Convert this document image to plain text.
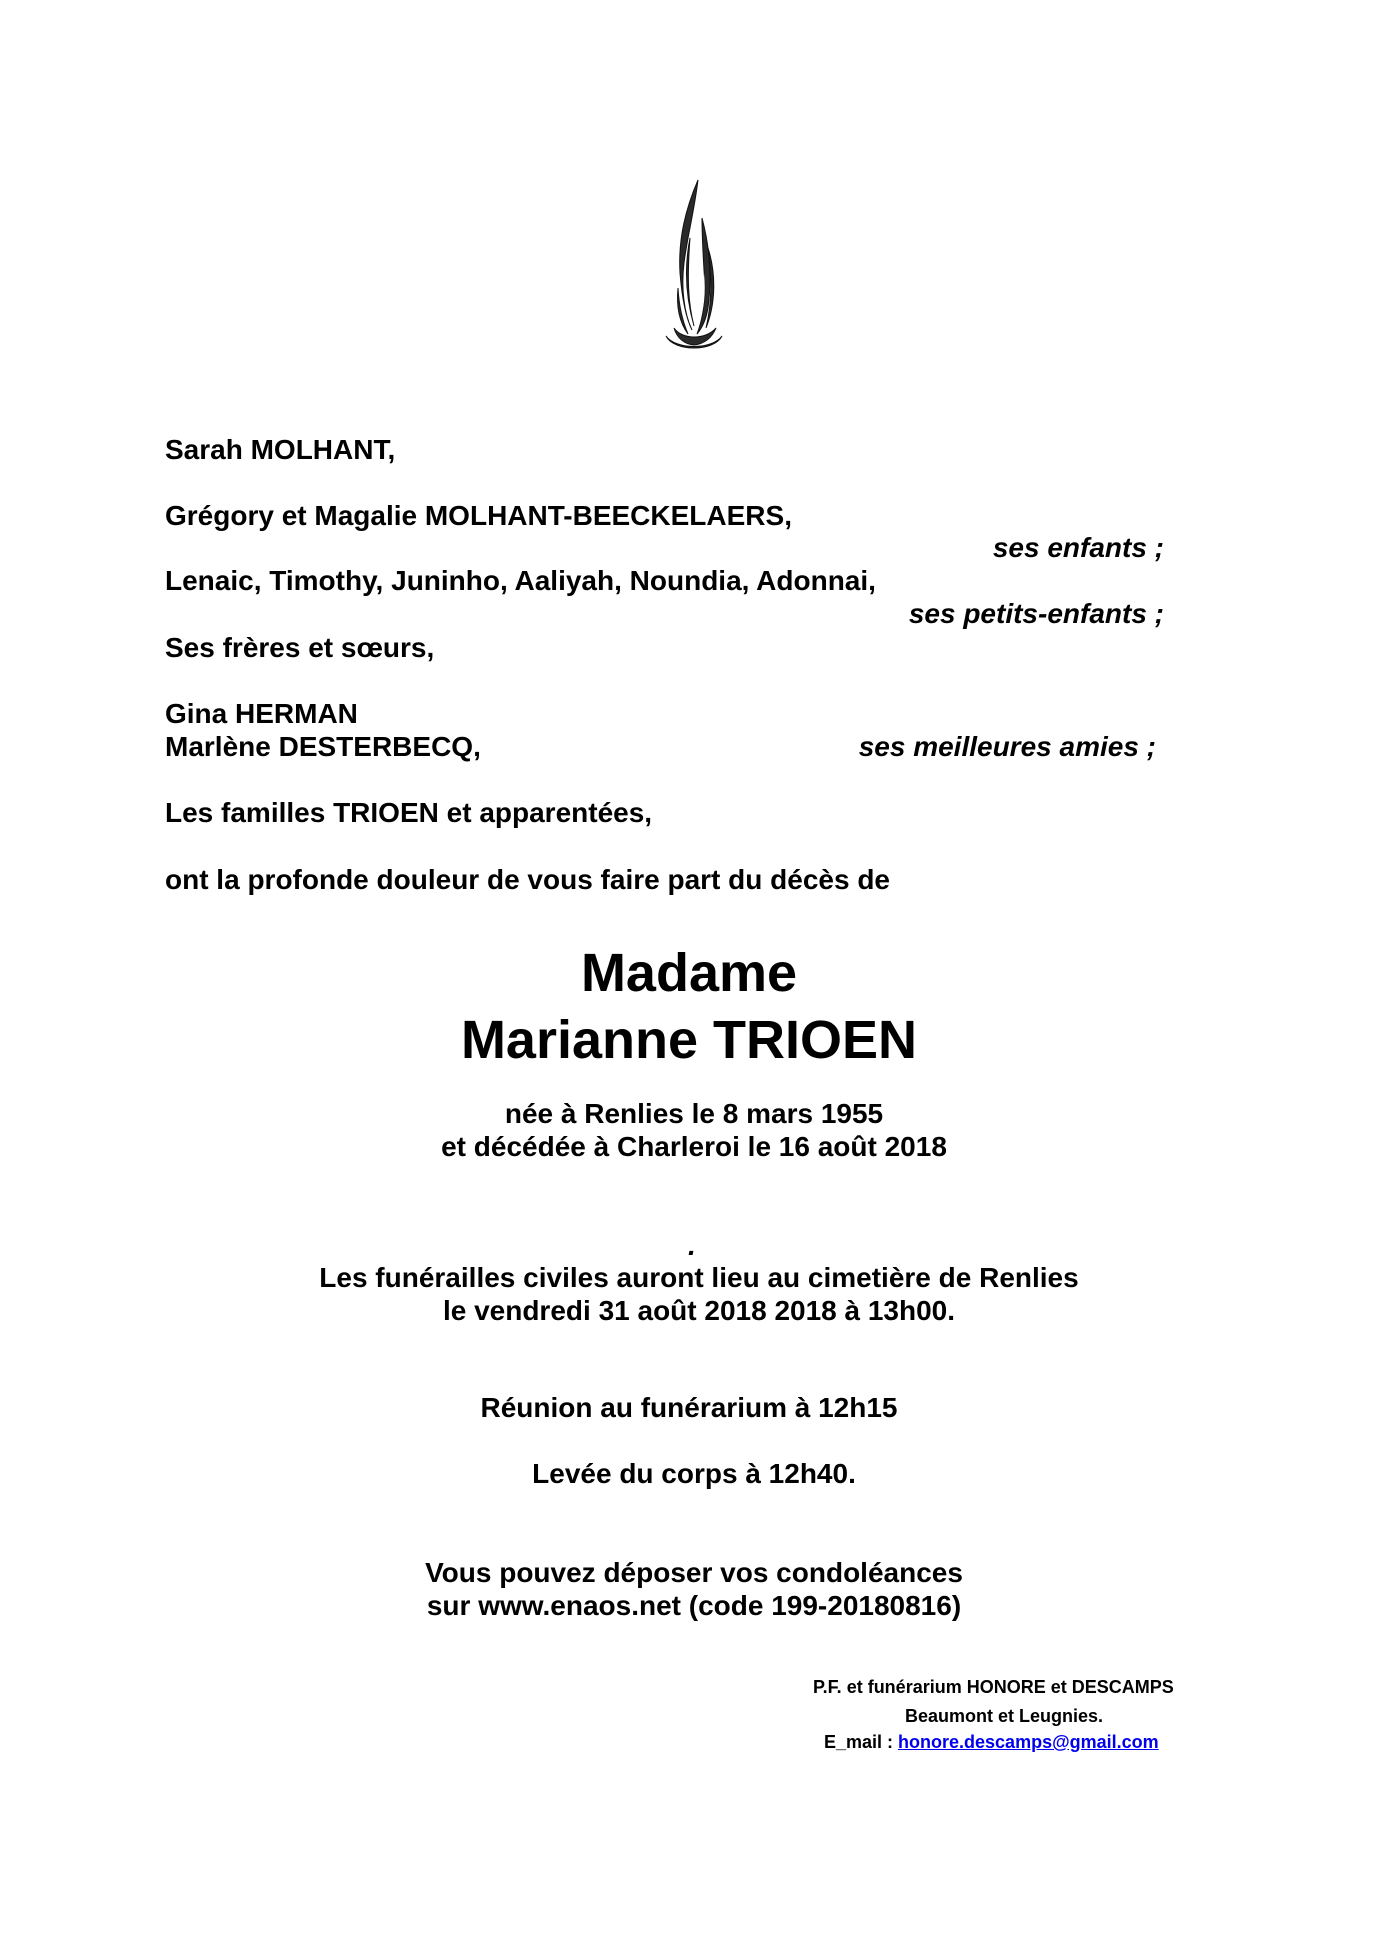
Sarah MOLHANT,

Grégory et Magalie MOLHANT-BEECKELAERS,

ses enfants ;

Lenaic, Timothy, Juninho, Aaliyah, Noundia, Adonnai,

ses petits-enfants ;

Ses frères et sœurs,

Gina HERMAN

Marlène DESTERBECQ,	ses meilleures amies ;

Les familles TRIOEN et apparentées,

ont la profonde douleur de vous faire part du décès de

Madame

Marianne TRIOEN

née à Renlies le 8 mars 1955

et décédée à Charleroi le 16 août 2018

.

Les funérailles civiles auront lieu au cimetière de Renlies

le vendredi 31 août 2018 2018 à 13h00.

Réunion au funérarium à 12h15

Levée du corps à 12h40.

Vous pouvez déposer vos condoléances

sur www.enaos.net (code 199-20180816)

P.F. et funérarium HONORE et DESCAMPS

Beaumont et Leugnies.

E_mail : honore.descamps@gmail.com
